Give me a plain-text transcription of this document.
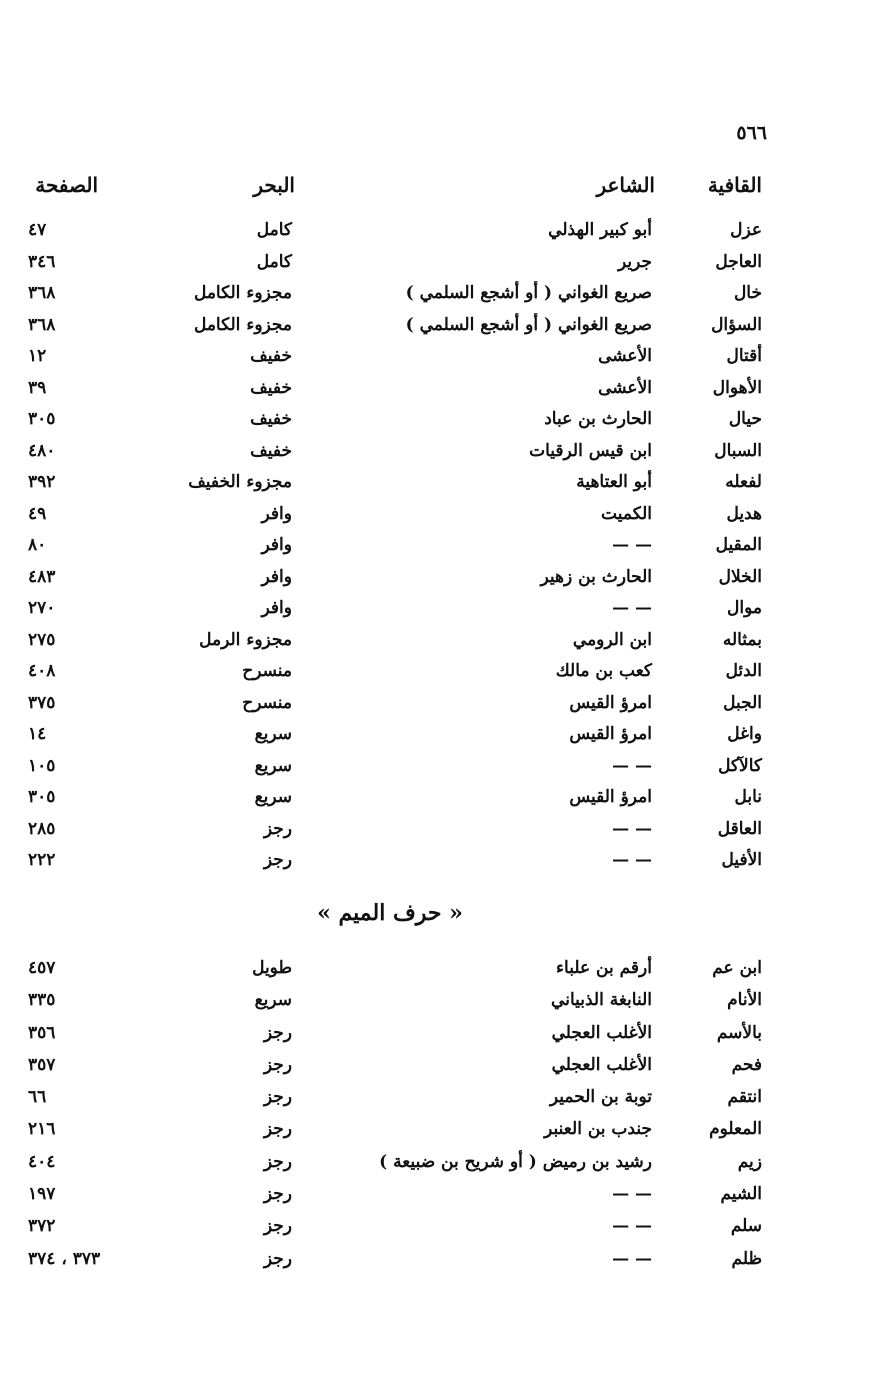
٥٦٦
القافية
الشاعر
البحر
الصفحة
عزل
أبو كبير الهذلي
كامل
٤٧
العاجل
جرير
كامل
٣٤٦
خال
صريع الغواني ( أو أشجع السلمي )
مجزوء الكامل
٣٦٨
السؤال
صريع الغواني ( أو أشجع السلمي )
مجزوء الكامل
٣٦٨
أقتال
الأعشى
خفيف
١٢
الأهوال
الأعشى
خفيف
٣٩
حيال
الحارث بن عباد
خفيف
٣٠٥
السبال
ابن قيس الرقيات
خفيف
٤٨٠
لفعله
أبو العتاهية
مجزوء الخفيف
٣٩٢
هديل
الكميت
وافر
٤٩
المقيل
— —
وافر
٨٠
الخلال
الحارث بن زهير
وافر
٤٨٣
موال
— —
وافر
٢٧٠
بمثاله
ابن الرومي
مجزوء الرمل
٢٧٥
الدئل
كعب بن مالك
منسرح
٤٠٨
الجبل
امرؤ القيس
منسرح
٣٧٥
واغل
امرؤ القيس
سريع
١٤
كالآكل
— —
سريع
١٠٥
نابل
امرؤ القيس
سريع
٣٠٥
العاقل
— —
رجز
٢٨٥
الأفيل
— —
رجز
٢٢٢
« حرف الميم »
ابن عم
أرقم بن علباء
طويل
٤٥٧
الأنام
النابغة الذبياني
سريع
٣٣٥
بالأسم
الأغلب العجلي
رجز
٣٥٦
فحم
الأغلب العجلي
رجز
٣٥٧
انتقم
توبة بن الحمير
رجز
٦٦
المعلوم
جندب بن العنبر
رجز
٢١٦
زيم
رشيد بن رميض ( أو شريح بن ضبيعة )
رجز
٤٠٤
الشيم
— —
رجز
١٩٧
سلم
— —
رجز
٣٧٢
ظلم
— —
رجز
٣٧٣ ، ٣٧٤
